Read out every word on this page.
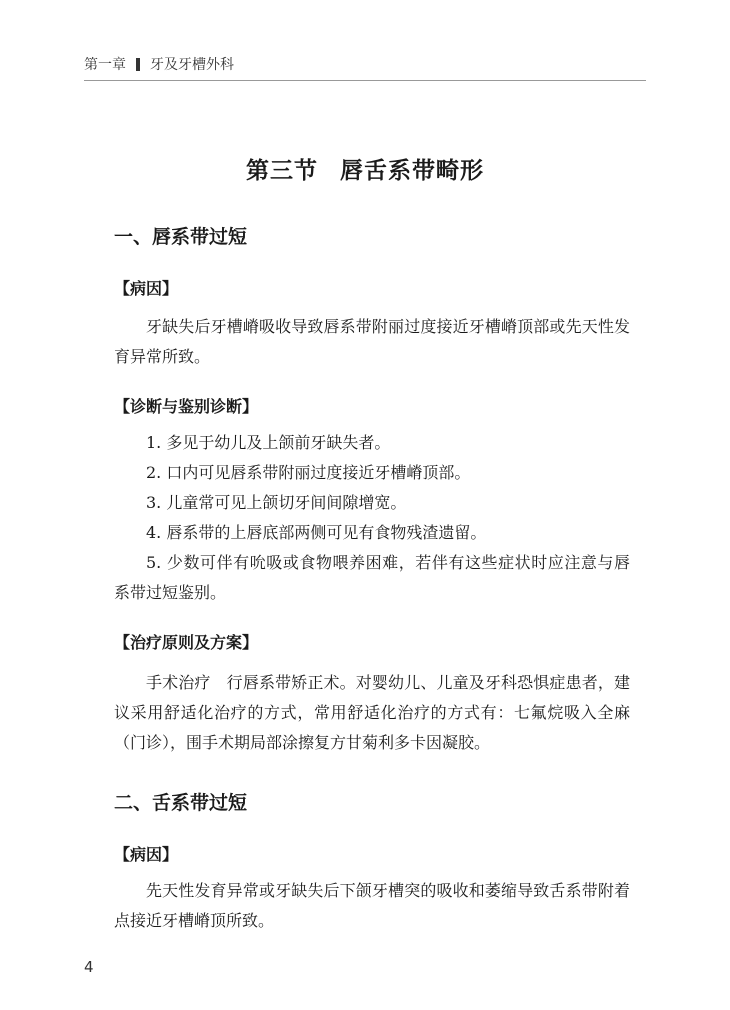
第一章 牙及牙槽外科
第三节 唇舌系带畸形
一、唇系带过短
【病因】
牙缺失后牙槽嵴吸收导致唇系带附丽过度接近牙槽嵴顶部或先天性发育异常所致。
【诊断与鉴别诊断】
1. 多见于幼儿及上颌前牙缺失者。
2. 口内可见唇系带附丽过度接近牙槽嵴顶部。
3. 儿童常可见上颌切牙间间隙增宽。
4. 唇系带的上唇底部两侧可见有食物残渣遗留。
5. 少数可伴有吮吸或食物喂养困难，若伴有这些症状时应注意与唇系带过短鉴别。
【治疗原则及方案】
手术治疗　行唇系带矫正术。对婴幼儿、儿童及牙科恐惧症患者，建议采用舒适化治疗的方式，常用舒适化治疗的方式有：七氟烷吸入全麻（门诊），围手术期局部涂擦复方甘菊利多卡因凝胶。
二、舌系带过短
【病因】
先天性发育异常或牙缺失后下颌牙槽突的吸收和萎缩导致舌系带附着点接近牙槽嵴顶所致。
4
